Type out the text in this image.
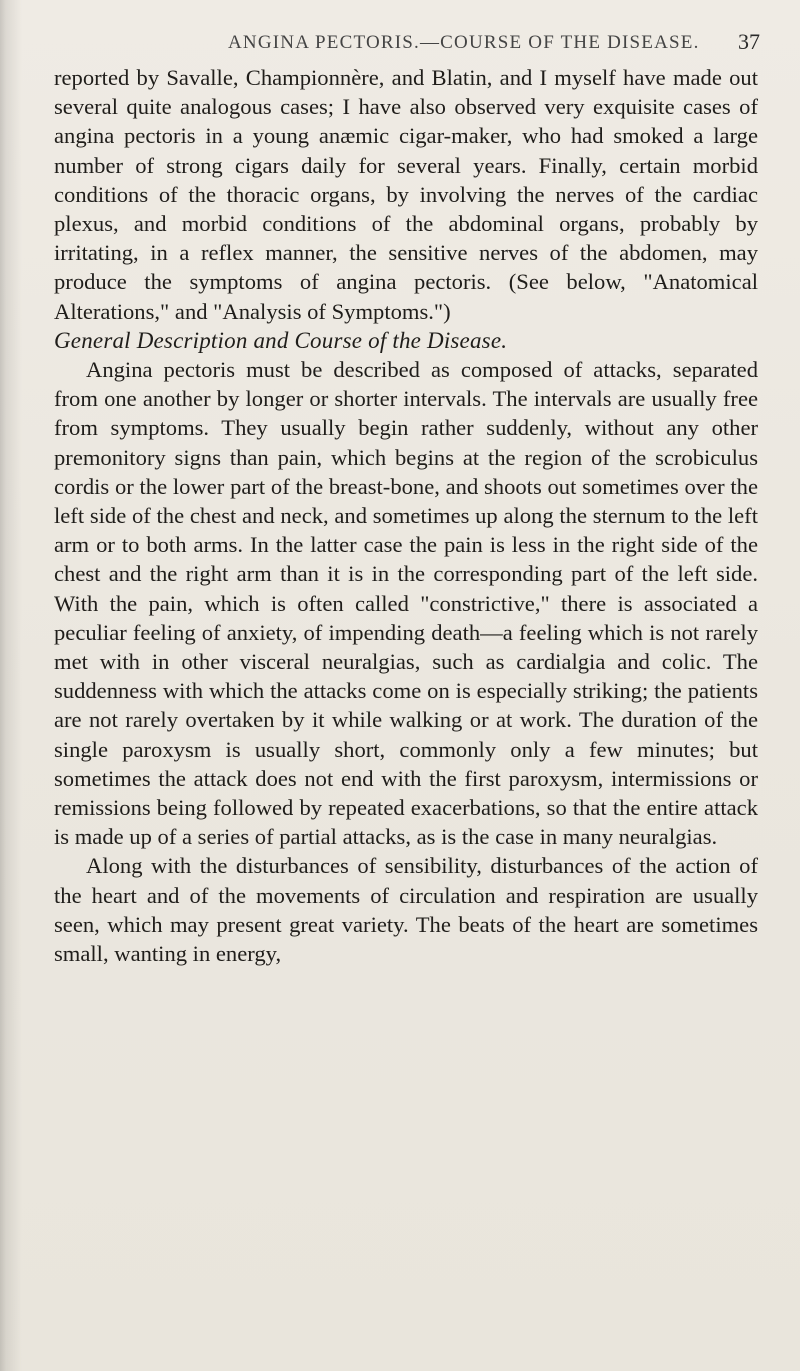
ANGINA PECTORIS.—COURSE OF THE DISEASE. 37

reported by Savalle, Championnère, and Blatin, and I myself have made out several quite analogous cases; I have also observed very exquisite cases of angina pectoris in a young anæmic cigar-maker, who had smoked a large number of strong cigars daily for several years. Finally, certain morbid conditions of the thoracic organs, by involving the nerves of the cardiac plexus, and morbid conditions of the abdominal organs, probably by irritating, in a reflex manner, the sensitive nerves of the abdomen, may produce the symptoms of angina pectoris. (See below, "Anatomical Alterations," and "Analysis of Symptoms.")

General Description and Course of the Disease.

Angina pectoris must be described as composed of attacks, separated from one another by longer or shorter intervals. The intervals are usually free from symptoms. They usually begin rather suddenly, without any other premonitory signs than pain, which begins at the region of the scrobiculus cordis or the lower part of the breast-bone, and shoots out sometimes over the left side of the chest and neck, and sometimes up along the sternum to the left arm or to both arms. In the latter case the pain is less in the right side of the chest and the right arm than it is in the corresponding part of the left side. With the pain, which is often called "constrictive," there is associated a peculiar feeling of anxiety, of impending death—a feeling which is not rarely met with in other visceral neuralgias, such as cardialgia and colic. The suddenness with which the attacks come on is especially striking; the patients are not rarely overtaken by it while walking or at work. The duration of the single paroxysm is usually short, commonly only a few minutes; but sometimes the attack does not end with the first paroxysm, intermissions or remissions being followed by repeated exacerbations, so that the entire attack is made up of a series of partial attacks, as is the case in many neuralgias.

Along with the disturbances of sensibility, disturbances of the action of the heart and of the movements of circulation and respiration are usually seen, which may present great variety. The beats of the heart are sometimes small, wanting in energy,
